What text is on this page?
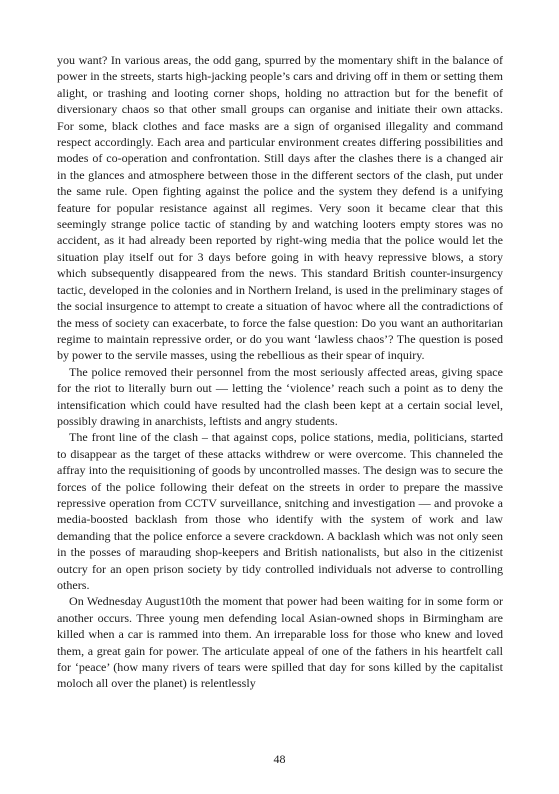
you want? In various areas, the odd gang, spurred by the momentary shift in the balance of power in the streets, starts high-jacking people’s cars and driving off in them or setting them alight, or trashing and looting corner shops, holding no attraction but for the benefit of diversionary chaos so that other small groups can organise and initiate their own attacks. For some, black clothes and face masks are a sign of organised illegality and command respect accordingly. Each area and particular environment creates differing possibilities and modes of co-operation and confrontation. Still days after the clashes there is a changed air in the glances and atmosphere between those in the different sectors of the clash, put under the same rule. Open fighting against the police and the system they defend is a unifying feature for popular resistance against all regimes. Very soon it became clear that this seemingly strange police tactic of standing by and watching looters empty stores was no accident, as it had already been reported by right-wing media that the police would let the situation play itself out for 3 days before going in with heavy repressive blows, a story which subsequently disappeared from the news. This standard British counter-insurgency tactic, developed in the colonies and in Northern Ireland, is used in the preliminary stages of the social insurgence to attempt to create a situation of havoc where all the contradictions of the mess of society can exacerbate, to force the false question: Do you want an authoritarian regime to maintain repressive order, or do you want ‘lawless chaos’? The question is posed by power to the servile masses, using the rebellious as their spear of inquiry.

The police removed their personnel from the most seriously affected areas, giving space for the riot to literally burn out — letting the ‘violence’ reach such a point as to deny the intensification which could have resulted had the clash been kept at a certain social level, possibly drawing in anarchists, leftists and angry students.

The front line of the clash – that against cops, police stations, media, politicians, started to disappear as the target of these attacks withdrew or were overcome. This channeled the affray into the requisitioning of goods by uncontrolled masses. The design was to secure the forces of the police following their defeat on the streets in order to prepare the massive repressive operation from CCTV surveillance, snitching and investigation — and provoke a media-boosted backlash from those who identify with the system of work and law demanding that the police enforce a severe crackdown. A backlash which was not only seen in the posses of marauding shop-keepers and British nationalists, but also in the citizenist outcry for an open prison society by tidy controlled individuals not adverse to controlling others.

On Wednesday August10th the moment that power had been waiting for in some form or another occurs. Three young men defending local Asian-owned shops in Birmingham are killed when a car is rammed into them. An irreparable loss for those who knew and loved them, a great gain for power. The articulate appeal of one of the fathers in his heartfelt call for ‘peace’ (how many rivers of tears were spilled that day for sons killed by the capitalist moloch all over the planet) is relentlessly

48
